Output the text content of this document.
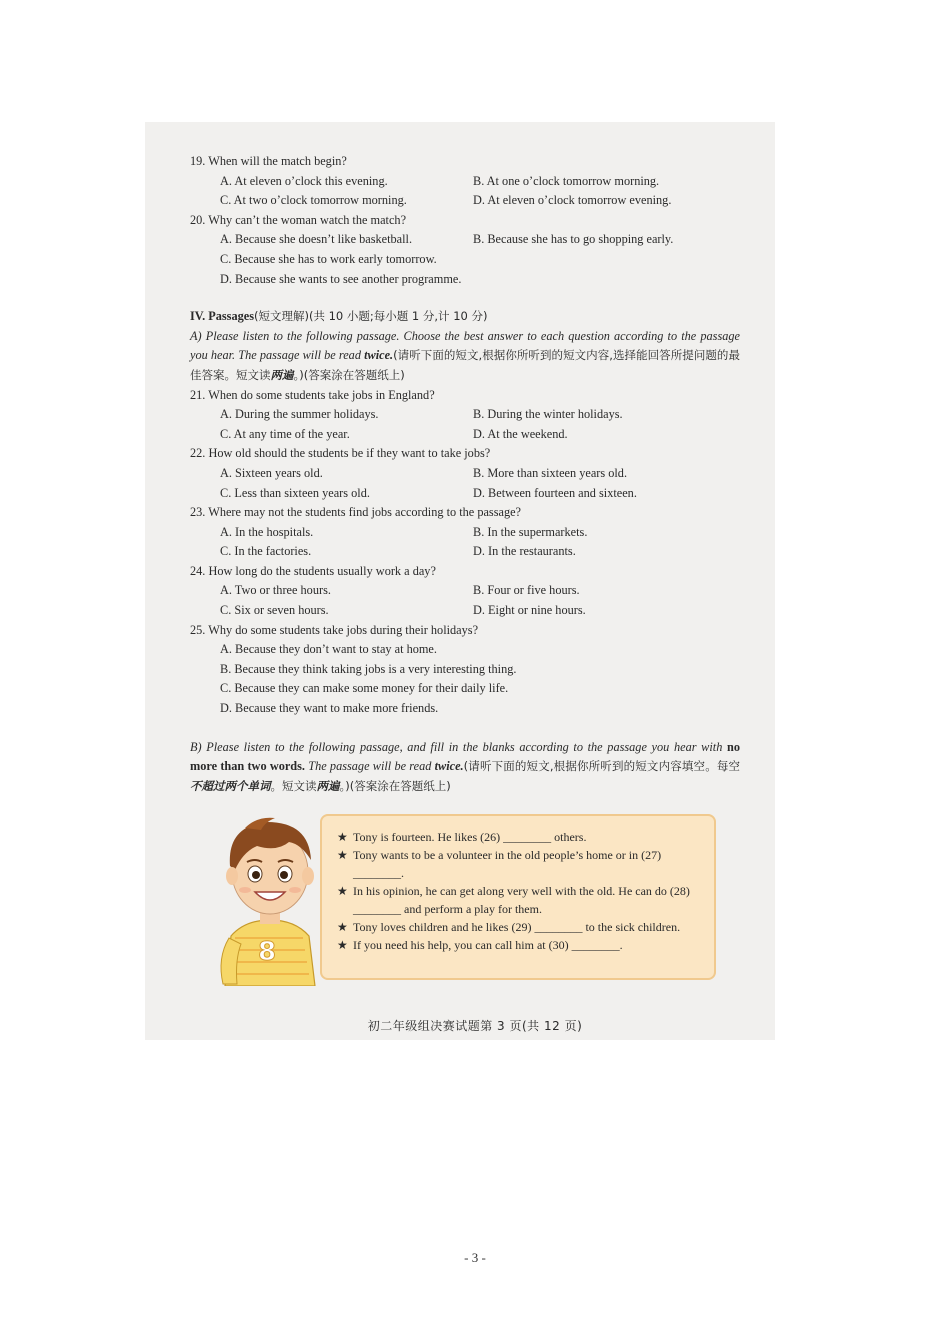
19. When will the match begin?
A. At eleven o’clock this evening.	B. At one o’clock tomorrow morning.
C. At two o’clock tomorrow morning.	D. At eleven o’clock tomorrow evening.
20. Why can’t the woman watch the match?
A. Because she doesn’t like basketball.	B. Because she has to go shopping early.
C. Because she has to work early tomorrow.
D. Because she wants to see another programme.
IV. Passages(短文理解)(共 10 小题;每小题 1 分,计 10 分)
A) Please listen to the following passage. Choose the best answer to each question according to the passage you hear. The passage will be read twice.(请听下面的短文,根据你所听到的短文内容,选择能回答所提问题的最佳答案。短文读两遍。)(答案涂在答题纸上)
21. When do some students take jobs in England?
A. During the summer holidays.	B. During the winter holidays.
C. At any time of the year.	D. At the weekend.
22. How old should the students be if they want to take jobs?
A. Sixteen years old.	B. More than sixteen years old.
C. Less than sixteen years old.	D. Between fourteen and sixteen.
23. Where may not the students find jobs according to the passage?
A. In the hospitals.	B. In the supermarkets.
C. In the factories.	D. In the restaurants.
24. How long do the students usually work a day?
A. Two or three hours.	B. Four or five hours.
C. Six or seven hours.	D. Eight or nine hours.
25. Why do some students take jobs during their holidays?
A. Because they don’t want to stay at home.
B. Because they think taking jobs is a very interesting thing.
C. Because they can make some money for their daily life.
D. Because they want to make more friends.
B) Please listen to the following passage, and fill in the blanks according to the passage you hear with no more than two words. The passage will be read twice.(请听下面的短文,根据你所听到的短文内容填空。每空不超过两个单词。短文读两遍。)(答案涂在答题纸上)
★ Tony is fourteen. He likes (26) ________ others.
★ Tony wants to be a volunteer in the old people’s home or in (27) ________.
★ In his opinion, he can get along very well with the old. He can do (28) ________ and perform a play for them.
★ Tony loves children and he likes (29) ________ to the sick children.
★ If you need his help, you can call him at (30) ________.
8
初二年级组决赛试题第 3 页(共 12 页)
- 3 -
